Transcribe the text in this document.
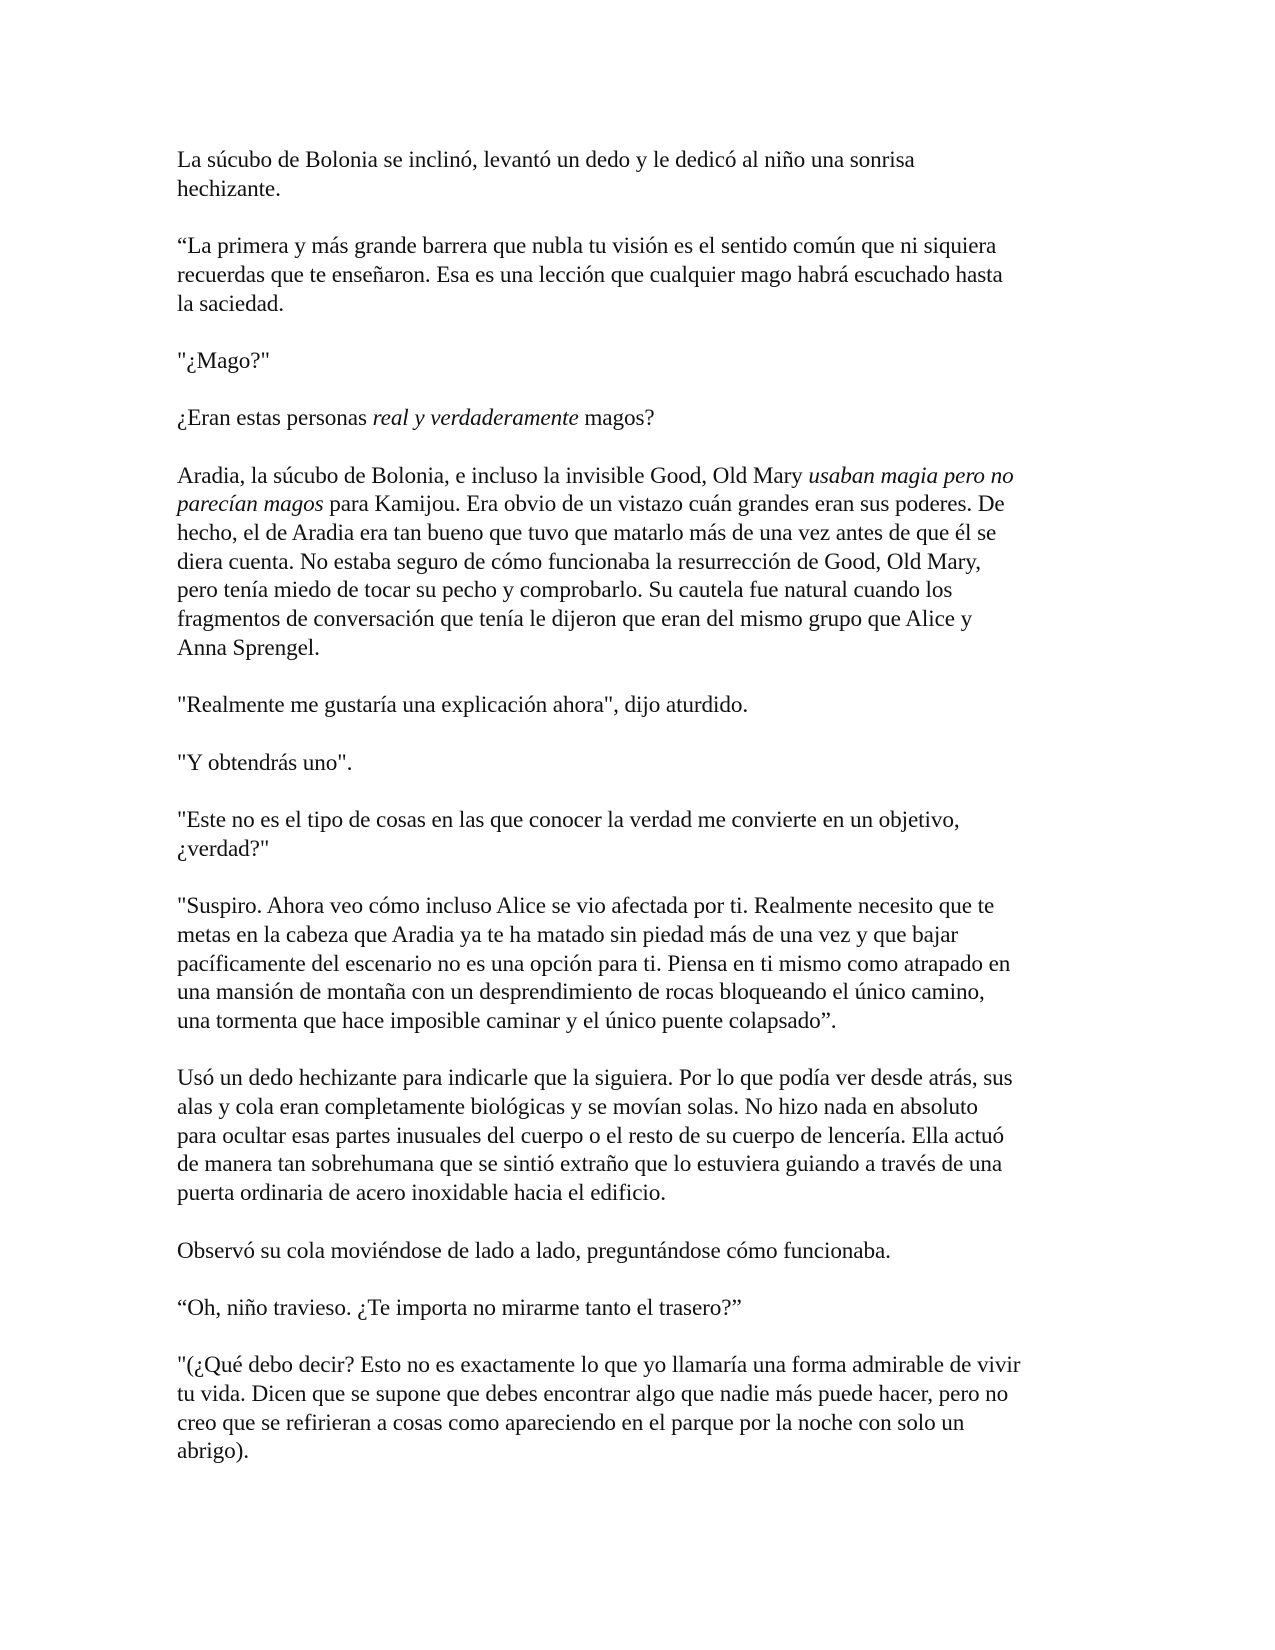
La súcubo de Bolonia se inclinó, levantó un dedo y le dedicó al niño una sonrisa
hechizante.

“La primera y más grande barrera que nubla tu visión es el sentido común que ni siquiera
recuerdas que te enseñaron. Esa es una lección que cualquier mago habrá escuchado hasta
la saciedad.

"¿Mago?"

¿Eran estas personas real y verdaderamente magos?

Aradia, la súcubo de Bolonia, e incluso la invisible Good, Old Mary usaban magia pero no
parecían magos para Kamijou. Era obvio de un vistazo cuán grandes eran sus poderes. De
hecho, el de Aradia era tan bueno que tuvo que matarlo más de una vez antes de que él se
diera cuenta. No estaba seguro de cómo funcionaba la resurrección de Good, Old Mary,
pero tenía miedo de tocar su pecho y comprobarlo. Su cautela fue natural cuando los
fragmentos de conversación que tenía le dijeron que eran del mismo grupo que Alice y
Anna Sprengel.

"Realmente me gustaría una explicación ahora", dijo aturdido.

"Y obtendrás uno".

"Este no es el tipo de cosas en las que conocer la verdad me convierte en un objetivo,
¿verdad?"

"Suspiro. Ahora veo cómo incluso Alice se vio afectada por ti. Realmente necesito que te
metas en la cabeza que Aradia ya te ha matado sin piedad más de una vez y que bajar
pacíficamente del escenario no es una opción para ti. Piensa en ti mismo como atrapado en
una mansión de montaña con un desprendimiento de rocas bloqueando el único camino,
una tormenta que hace imposible caminar y el único puente colapsado”.

Usó un dedo hechizante para indicarle que la siguiera. Por lo que podía ver desde atrás, sus
alas y cola eran completamente biológicas y se movían solas. No hizo nada en absoluto
para ocultar esas partes inusuales del cuerpo o el resto de su cuerpo de lencería. Ella actuó
de manera tan sobrehumana que se sintió extraño que lo estuviera guiando a través de una
puerta ordinaria de acero inoxidable hacia el edificio.

Observó su cola moviéndose de lado a lado, preguntándose cómo funcionaba.

“Oh, niño travieso. ¿Te importa no mirarme tanto el trasero?”

"(¿Qué debo decir? Esto no es exactamente lo que yo llamaría una forma admirable de vivir
tu vida. Dicen que se supone que debes encontrar algo que nadie más puede hacer, pero no
creo que se refirieran a cosas como apareciendo en el parque por la noche con solo un
abrigo).
